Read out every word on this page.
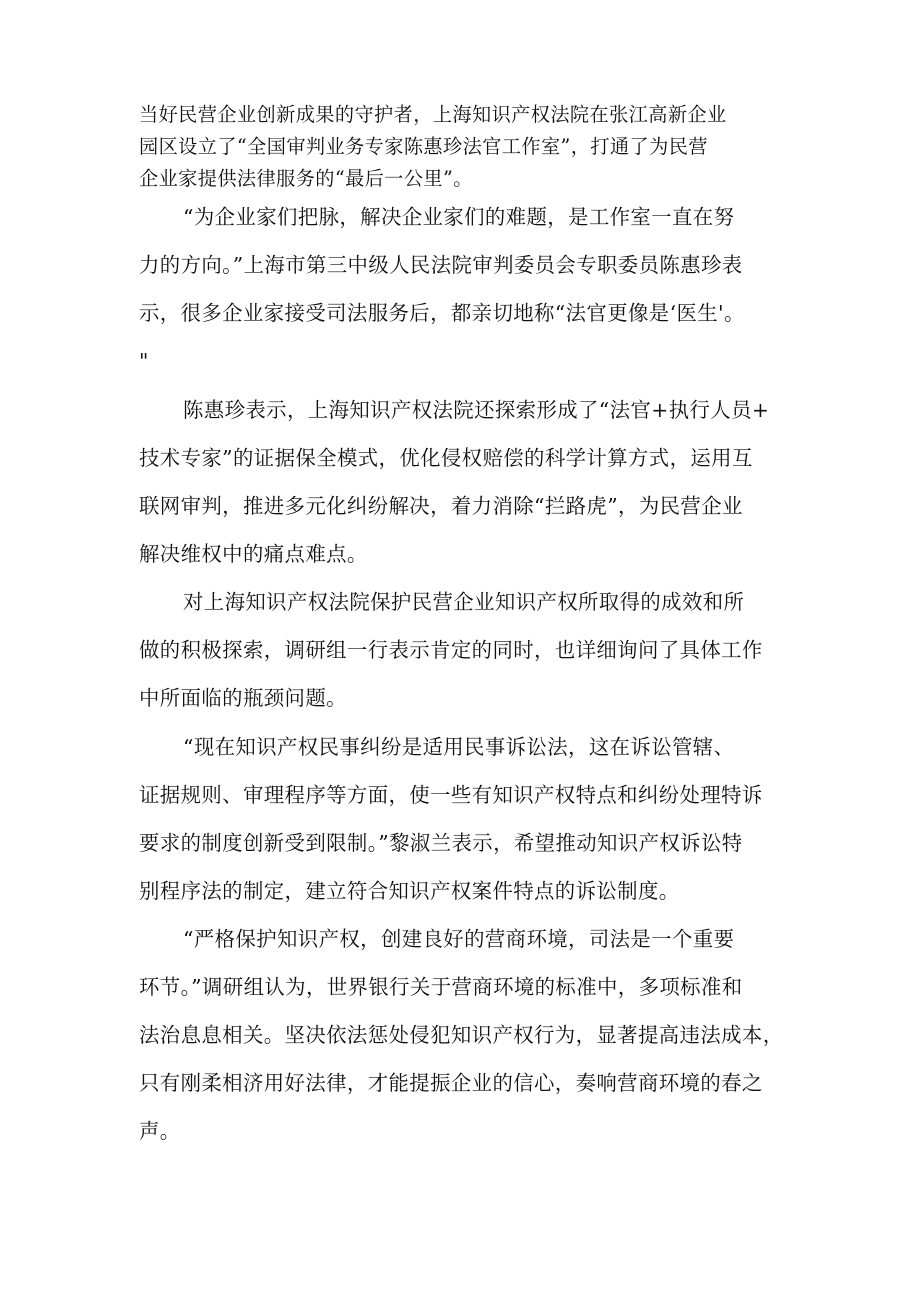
当好民营企业创新成果的守护者，上海知识产权法院在张江高新企业
园区设立了“全国审判业务专家陈惠珍法官工作室”，打通了为民营
企业家提供法律服务的“最后一公里”。
“为企业家们把脉，解决企业家们的难题，是工作室一直在努
力的方向。”上海市第三中级人民法院审判委员会专职委员陈惠珍表
示，很多企业家接受司法服务后，都亲切地称“法官更像是‘医生'。
"
陈惠珍表示，上海知识产权法院还探索形成了“法官+执行人员+
技术专家”的证据保全模式，优化侵权赔偿的科学计算方式，运用互
联网审判，推进多元化纠纷解决，着力消除“拦路虎”，为民营企业
解决维权中的痛点难点。
对上海知识产权法院保护民营企业知识产权所取得的成效和所
做的积极探索，调研组一行表示肯定的同时，也详细询问了具体工作
中所面临的瓶颈问题。
“现在知识产权民事纠纷是适用民事诉讼法，这在诉讼管辖、
证据规则、审理程序等方面，使一些有知识产权特点和纠纷处理特诉
要求的制度创新受到限制。”黎淑兰表示，希望推动知识产权诉讼特
别程序法的制定，建立符合知识产权案件特点的诉讼制度。
“严格保护知识产权，创建良好的营商环境，司法是一个重要
环节。”调研组认为，世界银行关于营商环境的标准中，多项标准和
法治息息相关。坚决依法惩处侵犯知识产权行为，显著提高违法成本，
只有刚柔相济用好法律，才能提振企业的信心，奏响营商环境的春之
声。
